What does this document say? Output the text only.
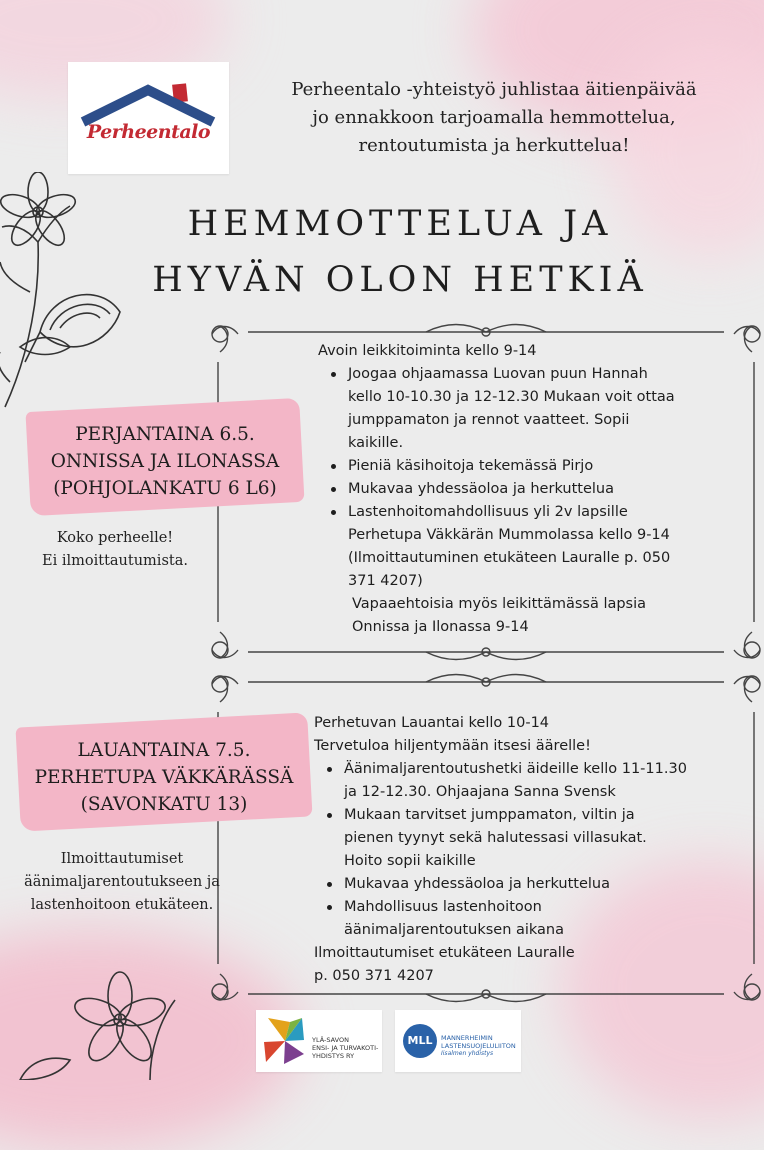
Perheentalo
Perheentalo -yhteistyö juhlistaa äitienpäivää
jo ennakkoon tarjoamalla hemmottelua,
rentoutumista ja herkuttelua!
HEMMOTTELUA JA
HYVÄN OLON HETKIÄ
PERJANTAINA 6.5.
ONNISSA JA ILONASSA
(POHJOLANKATU 6 L6)
Koko perheelle!
Ei ilmoittautumista.
Avoin leikkitoiminta kello 9-14
Joogaa ohjaamassa Luovan puun Hannah
kello 10-10.30 ja 12-12.30 Mukaan voit ottaa
jumppamaton ja rennot vaatteet. Sopii
kaikille.
Pieniä käsihoitoja tekemässä Pirjo
Mukavaa yhdessäoloa ja herkuttelua
Lastenhoitomahdollisuus yli 2v lapsille
Perhetupa Väkkärän Mummolassa kello 9-14
(Ilmoittautuminen etukäteen Lauralle p. 050
371 4207)
Vapaaehtoisia myös leikittämässä lapsia
Onnissa ja Ilonassa 9-14
LAUANTAINA 7.5.
PERHETUPA VÄKKÄRÄSSÄ
(SAVONKATU 13)
Ilmoittautumiset
äänimaljarentoutukseen ja
lastenhoitoon etukäteen.
Perhetuvan Lauantai kello 10-14
Tervetuloa hiljentymään itsesi äärelle!
Äänimaljarentoutushetki äideille kello 11-11.30
ja 12-12.30. Ohjaajana Sanna Svensk
Mukaan tarvitset jumppamaton, viltin ja
pienen tyynyt sekä halutessasi villasukat.
Hoito sopii kaikille
Mukavaa yhdessäoloa ja herkuttelua
Mahdollisuus lastenhoitoon
äänimaljarentoutuksen aikana
Ilmoittautumiset etukäteen Lauralle
p. 050 371 4207
YLÄ-SAVON
ENSI- JA TURVAKOTI-
YHDISTYS RY
MLL	MANNERHEIMIN
LASTENSUOJELULIITON
Iisalmen yhdistys
